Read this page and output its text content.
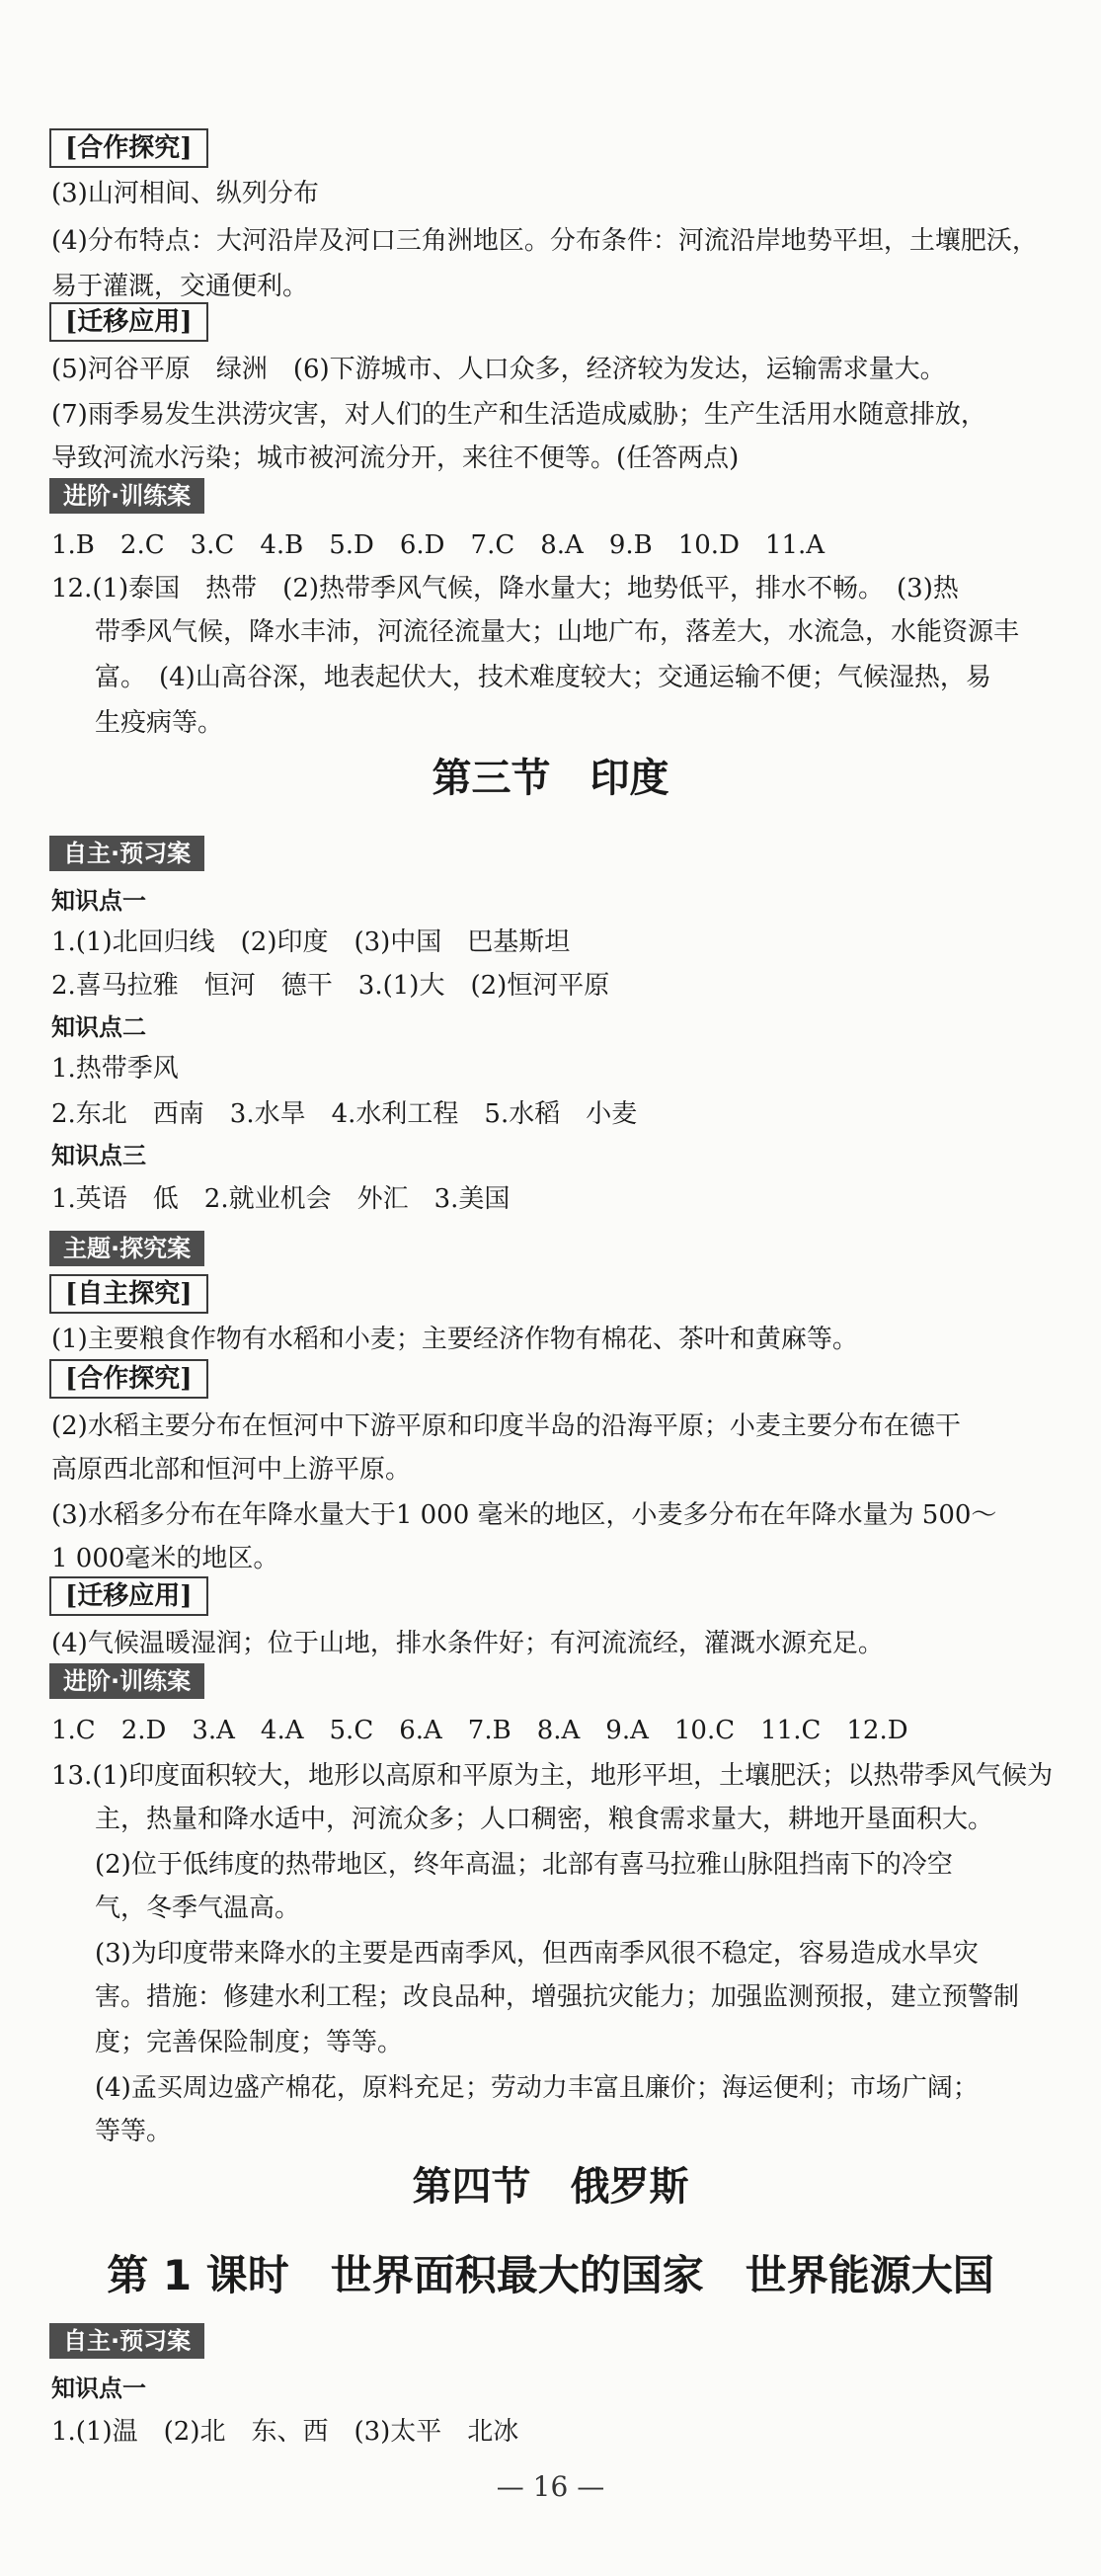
[合作探究]
(3)山河相间、纵列分布
(4)分布特点：大河沿岸及河口三角洲地区。分布条件：河流沿岸地势平坦，土壤肥沃，
易于灌溉，交通便利。
[迁移应用]
(5)河谷平原　绿洲　(6)下游城市、人口众多，经济较为发达，运输需求量大。
(7)雨季易发生洪涝灾害，对人们的生产和生活造成威胁；生产生活用水随意排放，
导致河流水污染；城市被河流分开，来往不便等。(任答两点)
进阶·训练案
1.B　2.C　3.C　4.B　5.D　6.D　7.C　8.A　9.B　10.D　11.A
12.(1)泰国　热带　(2)热带季风气候，降水量大；地势低平，排水不畅。　(3)热
带季风气候，降水丰沛，河流径流量大；山地广布，落差大，水流急，水能资源丰
富。　(4)山高谷深，地表起伏大，技术难度较大；交通运输不便；气候湿热，易
生疫病等。
第三节　印度
自主·预习案
知识点一
1.(1)北回归线　(2)印度　(3)中国　巴基斯坦
2.喜马拉雅　恒河　德干　3.(1)大　(2)恒河平原
知识点二
1.热带季风
2.东北　西南　3.水旱　4.水利工程　5.水稻　小麦
知识点三
1.英语　低　2.就业机会　外汇　3.美国
主题·探究案
[自主探究]
(1)主要粮食作物有水稻和小麦；主要经济作物有棉花、茶叶和黄麻等。
[合作探究]
(2)水稻主要分布在恒河中下游平原和印度半岛的沿海平原；小麦主要分布在德干
高原西北部和恒河中上游平原。
(3)水稻多分布在年降水量大于1 000 毫米的地区，小麦多分布在年降水量为 500～
1 000毫米的地区。
[迁移应用]
(4)气候温暖湿润；位于山地，排水条件好；有河流流经，灌溉水源充足。
进阶·训练案
1.C　2.D　3.A　4.A　5.C　6.A　7.B　8.A　9.A　10.C　11.C　12.D
13.(1)印度面积较大，地形以高原和平原为主，地形平坦，土壤肥沃；以热带季风气候为
主，热量和降水适中，河流众多；人口稠密，粮食需求量大，耕地开垦面积大。
(2)位于低纬度的热带地区，终年高温；北部有喜马拉雅山脉阻挡南下的冷空
气，冬季气温高。
(3)为印度带来降水的主要是西南季风，但西南季风很不稳定，容易造成水旱灾
害。措施：修建水利工程；改良品种，增强抗灾能力；加强监测预报，建立预警制
度；完善保险制度；等等。
(4)孟买周边盛产棉花，原料充足；劳动力丰富且廉价；海运便利；市场广阔；
等等。
第四节　俄罗斯
第 1 课时　世界面积最大的国家　世界能源大国
自主·预习案
知识点一
1.(1)温　(2)北　东、西　(3)太平　北冰
— 16 —
